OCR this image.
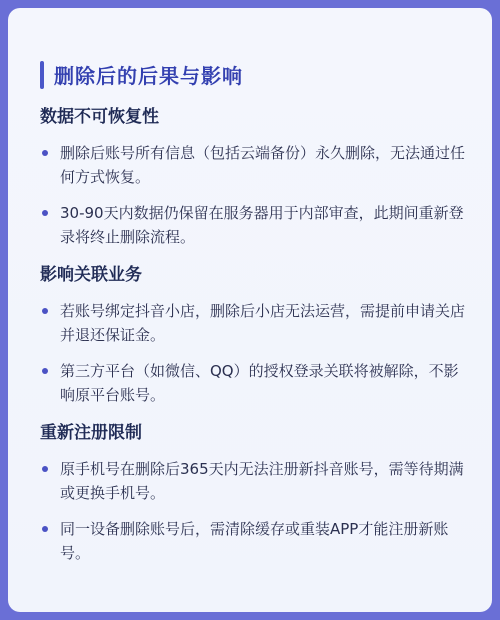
删除后的后果与影响
数据不可恢复性
删除后账号所有信息（包括云端备份）永久删除，无法通过任何方式恢复。
30-90天内数据仍保留在服务器用于内部审查，此期间重新登录将终止删除流程。
影响关联业务
若账号绑定抖音小店，删除后小店无法运营，需提前申请关店并退还保证金。
第三方平台（如微信、QQ）的授权登录关联将被解除，不影响原平台账号。
重新注册限制
原手机号在删除后365天内无法注册新抖音账号，需等待期满或更换手机号。
同一设备删除账号后，需清除缓存或重装APP才能注册新账号。
